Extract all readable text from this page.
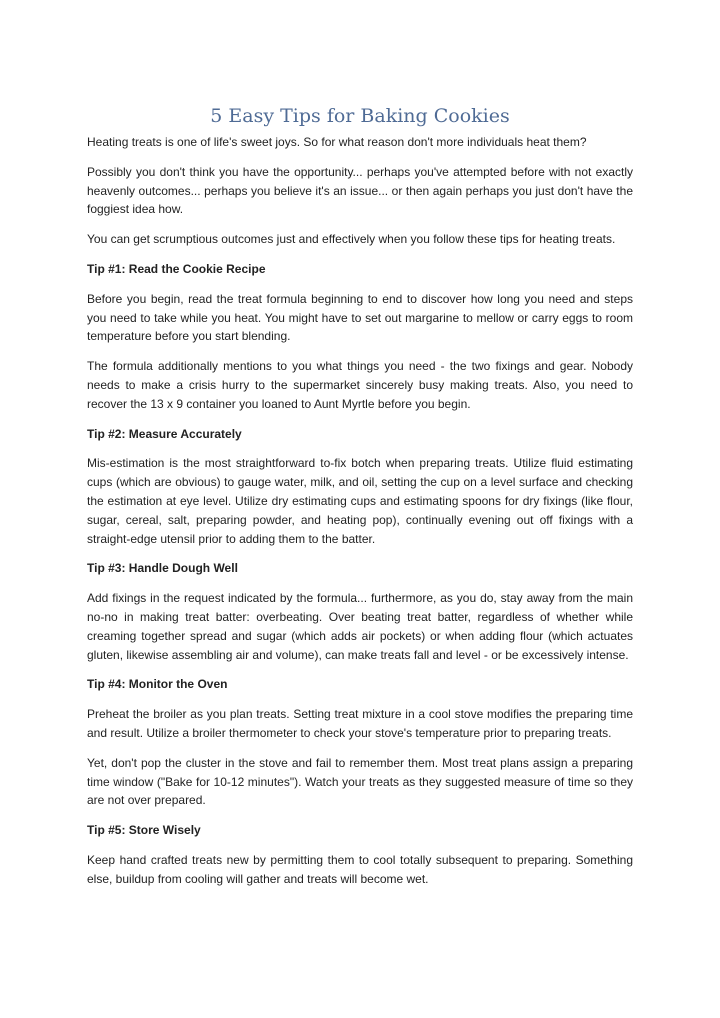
5 Easy Tips for Baking Cookies

Heating treats is one of life's sweet joys. So for what reason don't more individuals heat them?

Possibly you don't think you have the opportunity... perhaps you've attempted before with not exactly heavenly outcomes... perhaps you believe it's an issue... or then again perhaps you just don't have the foggiest idea how.

You can get scrumptious outcomes just and effectively when you follow these tips for heating treats.

Tip #1: Read the Cookie Recipe

Before you begin, read the treat formula beginning to end to discover how long you need and steps you need to take while you heat. You might have to set out margarine to mellow or carry eggs to room temperature before you start blending.

The formula additionally mentions to you what things you need - the two fixings and gear. Nobody needs to make a crisis hurry to the supermarket sincerely busy making treats. Also, you need to recover the 13 x 9 container you loaned to Aunt Myrtle before you begin.

Tip #2: Measure Accurately

Mis-estimation is the most straightforward to-fix botch when preparing treats. Utilize fluid estimating cups (which are obvious) to gauge water, milk, and oil, setting the cup on a level surface and checking the estimation at eye level. Utilize dry estimating cups and estimating spoons for dry fixings (like flour, sugar, cereal, salt, preparing powder, and heating pop), continually evening out off fixings with a straight-edge utensil prior to adding them to the batter.

Tip #3: Handle Dough Well

Add fixings in the request indicated by the formula... furthermore, as you do, stay away from the main no-no in making treat batter: overbeating. Over beating treat batter, regardless of whether while creaming together spread and sugar (which adds air pockets) or when adding flour (which actuates gluten, likewise assembling air and volume), can make treats fall and level - or be excessively intense.

Tip #4: Monitor the Oven

Preheat the broiler as you plan treats. Setting treat mixture in a cool stove modifies the preparing time and result. Utilize a broiler thermometer to check your stove's temperature prior to preparing treats.

Yet, don't pop the cluster in the stove and fail to remember them. Most treat plans assign a preparing time window ("Bake for 10-12 minutes"). Watch your treats as they suggested measure of time so they are not over prepared.

Tip #5: Store Wisely

Keep hand crafted treats new by permitting them to cool totally subsequent to preparing. Something else, buildup from cooling will gather and treats will become wet.
